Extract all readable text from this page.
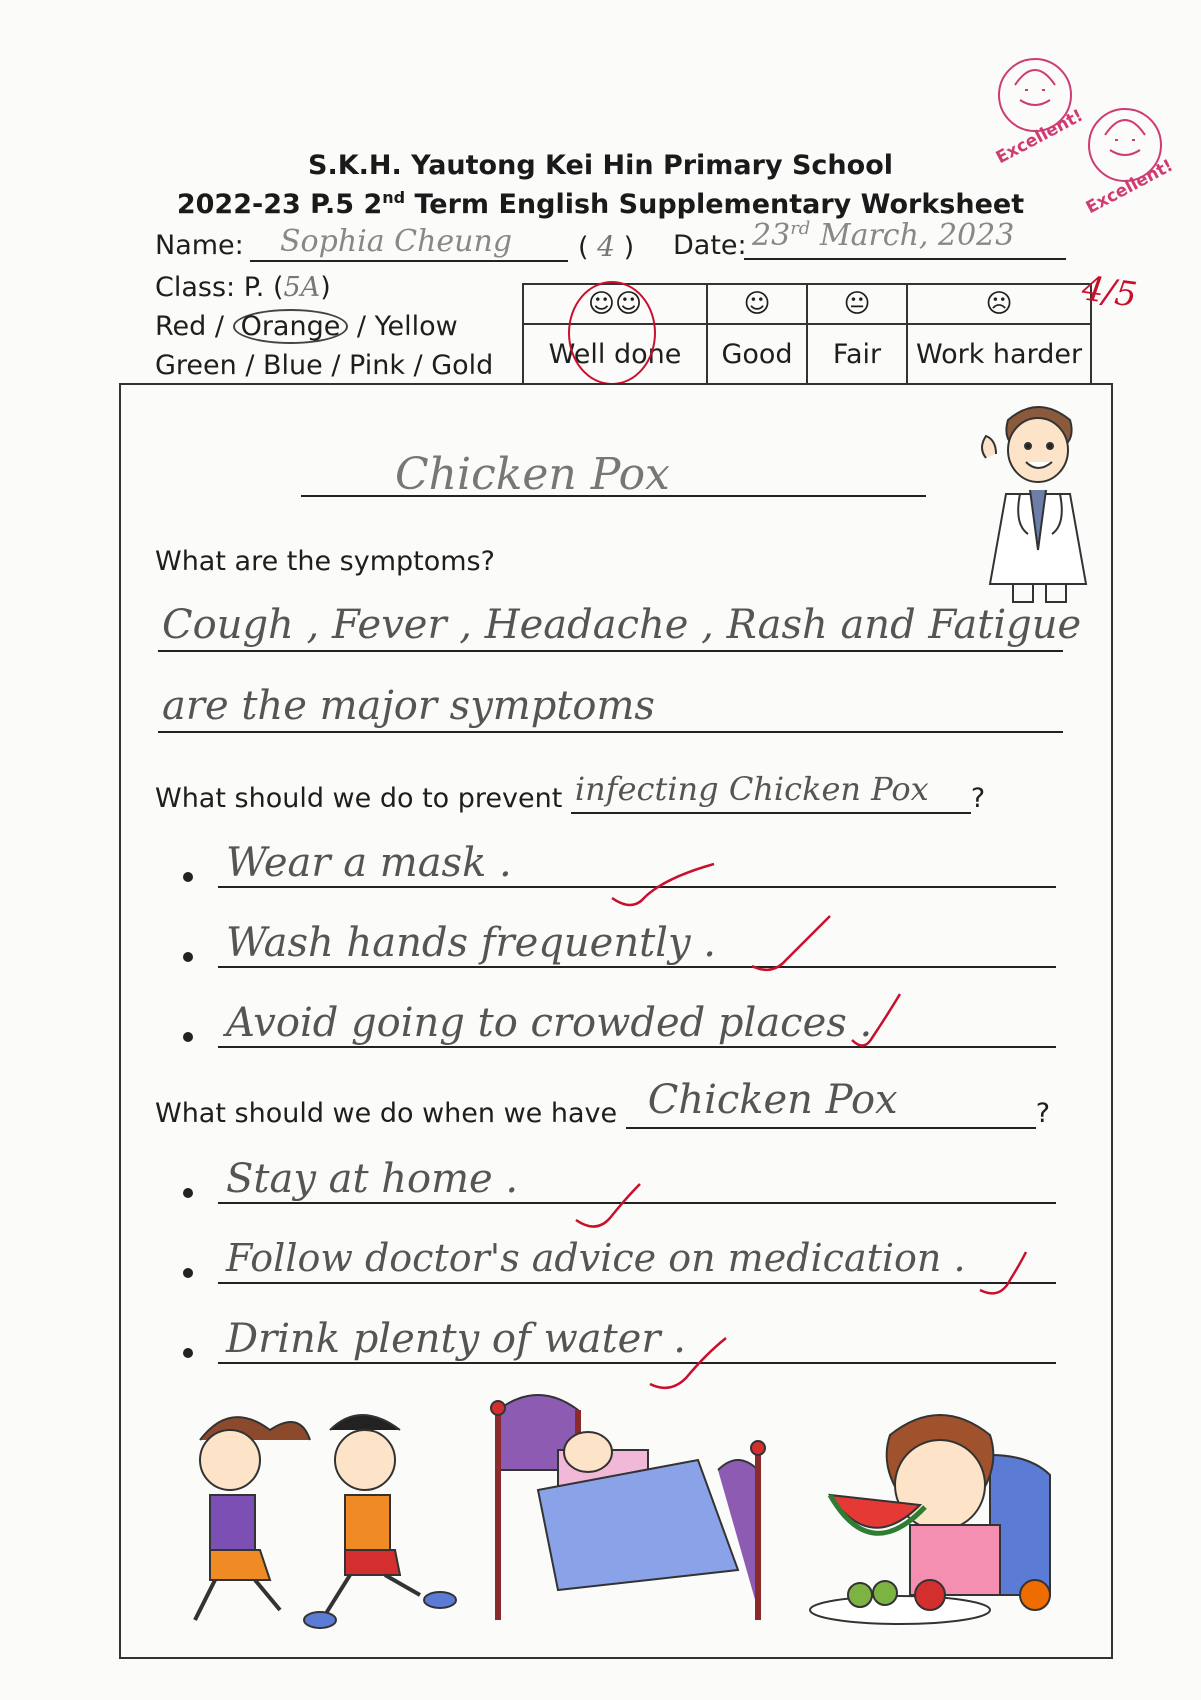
S.K.H. Yautong Kei Hin Primary School
2022-23 P.5 2nd Term English Supplementary Worksheet
Excellent!
Excellent!
Name: Sophia Cheung ( 4 ) Date: 23rd March, 2023
Class: P. (5A)
Red / Orange / Yellow
Green / Blue / Pink / Gold
☺☺	☺	😐	☹
Well done	Good	Fair	Work harder
4/5
Chicken Pox
What are the symptoms?
Cough , Fever , Headache , Rash and Fatigue
are the major symptoms
What should we do to prevent infecting Chicken Pox ?
Wear a mask .
Wash hands frequently .
Avoid going to crowded places .
What should we do when we have Chicken Pox	?
Stay at home .
Follow doctor's advice on medication .
Drink plenty of water .
